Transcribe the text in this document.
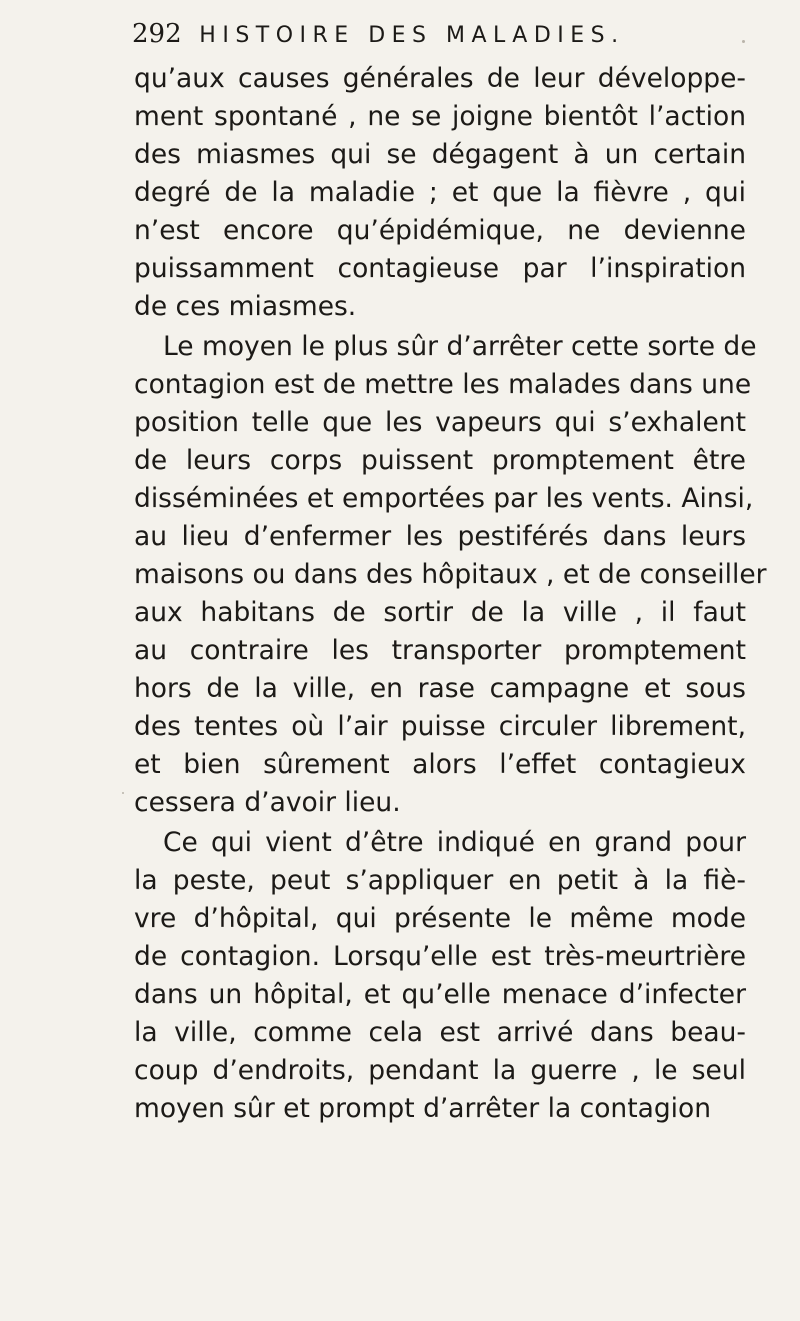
292 HISTOIRE DES MALADIES.
qu’aux causes générales de leur développe-
ment spontané , ne se joigne bientôt l’action
des miasmes qui se dégagent à un certain
degré de la maladie ; et que la fièvre , qui
n’est encore qu’épidémique, ne devienne
puissamment contagieuse par l’inspiration
de ces miasmes.
Le moyen le plus sûr d’arrêter cette sorte de
contagion est de mettre les malades dans une
position telle que les vapeurs qui s’exhalent
de leurs corps puissent promptement être
disséminées et emportées par les vents. Ainsi,
au lieu d’enfermer les pestiférés dans leurs
maisons ou dans des hôpitaux , et de conseiller
aux habitans de sortir de la ville , il faut
au contraire les transporter promptement
hors de la ville, en rase campagne et sous
des tentes où l’air puisse circuler librement,
et bien sûrement alors l’effet contagieux
cessera d’avoir lieu.
Ce qui vient d’être indiqué en grand pour
la peste, peut s’appliquer en petit à la fiè-
vre d’hôpital, qui présente le même mode
de contagion. Lorsqu’elle est très-meurtrière
dans un hôpital, et qu’elle menace d’infecter
la ville, comme cela est arrivé dans beau-
coup d’endroits, pendant la guerre , le seul
moyen sûr et prompt d’arrêter la contagion
